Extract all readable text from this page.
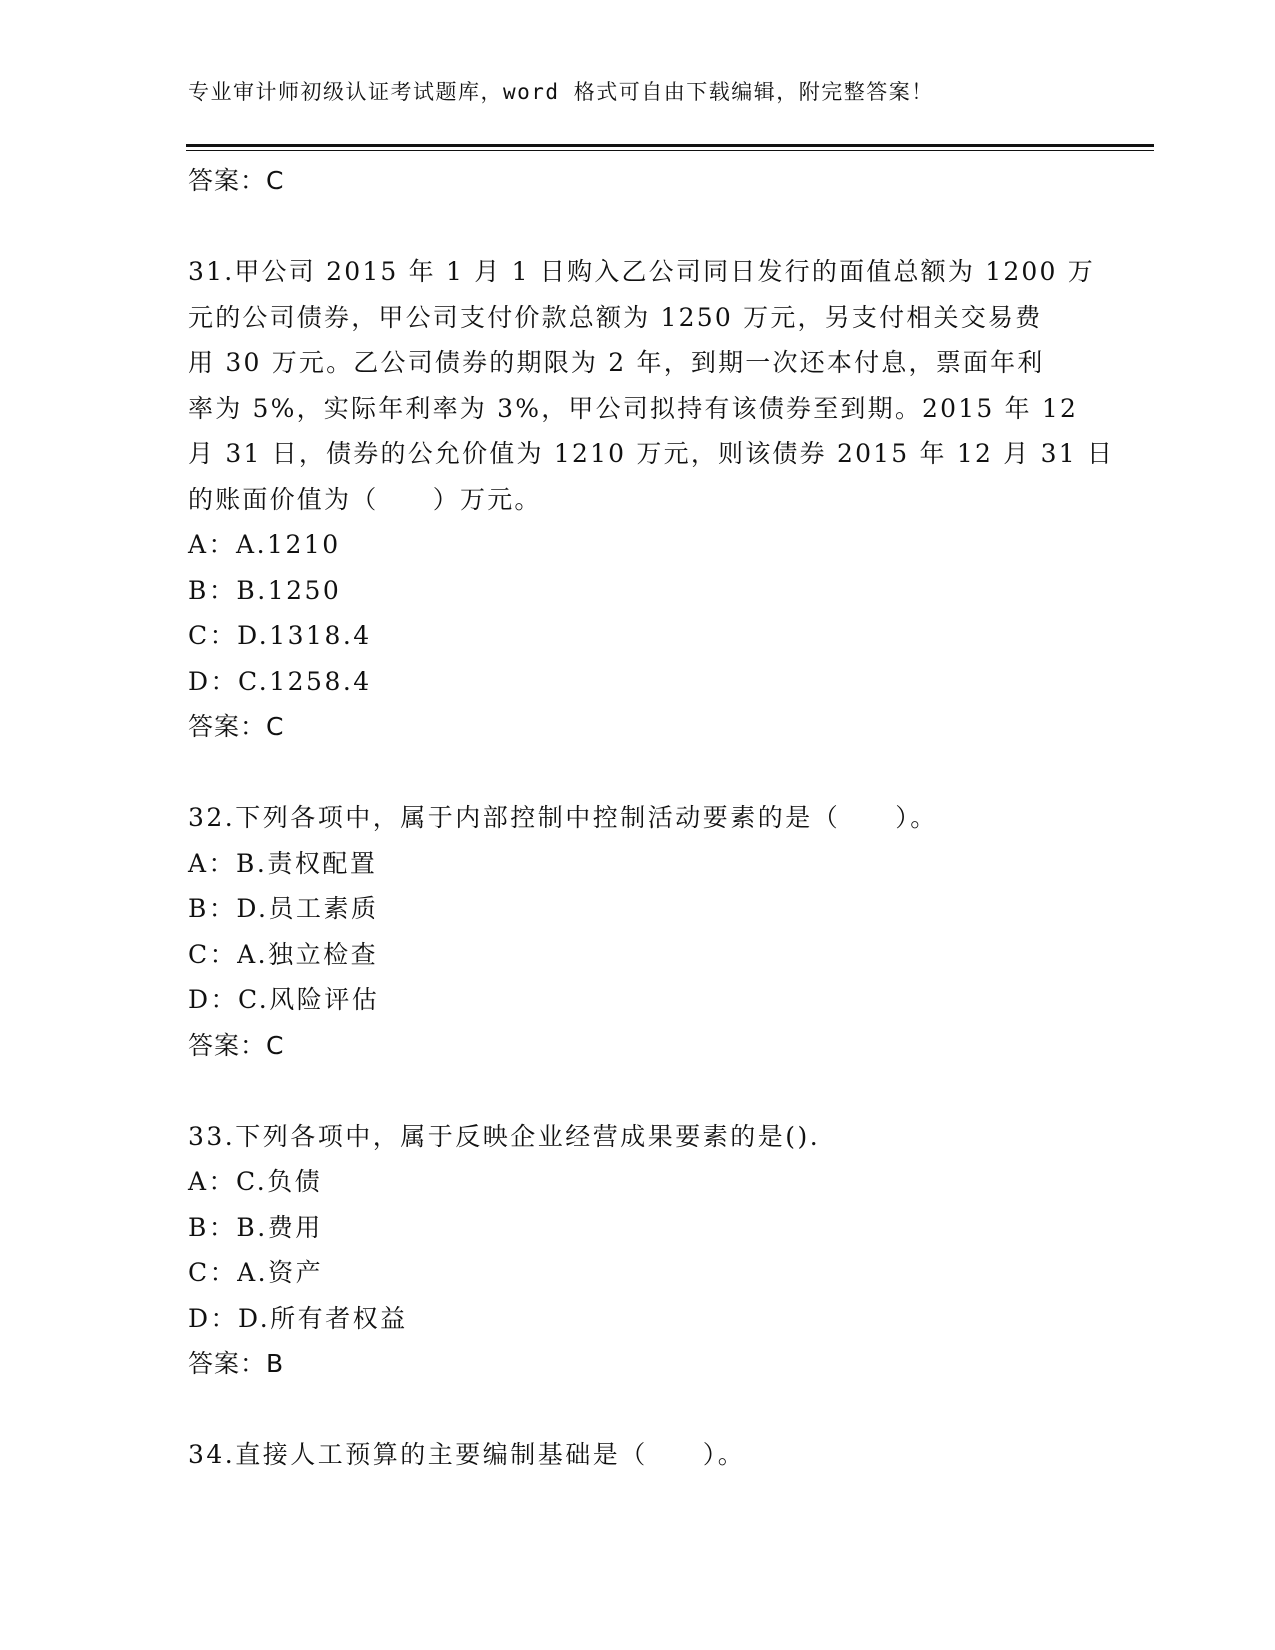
专业审计师初级认证考试题库，word 格式可自由下载编辑，附完整答案！
答案：C
31.甲公司 2015 年 1 月 1 日购入乙公司同日发行的面值总额为 1200 万
元的公司债券，甲公司支付价款总额为 1250 万元，另支付相关交易费
用 30 万元。乙公司债券的期限为 2 年，到期一次还本付息，票面年利
率为 5%，实际年利率为 3%，甲公司拟持有该债券至到期。2015 年 12
月 31 日，债券的公允价值为 1210 万元，则该债券 2015 年 12 月 31 日
的账面价值为（　　）万元。
A：A.1210
B：B.1250
C：D.1318.4
D：C.1258.4
答案：C
32.下列各项中，属于内部控制中控制活动要素的是（　　）。
A：B.责权配置
B：D.员工素质
C：A.独立检查
D：C.风险评估
答案：C
33.下列各项中，属于反映企业经营成果要素的是().
A：C.负债
B：B.费用
C：A.资产
D：D.所有者权益
答案：B
34.直接人工预算的主要编制基础是（　　）。
